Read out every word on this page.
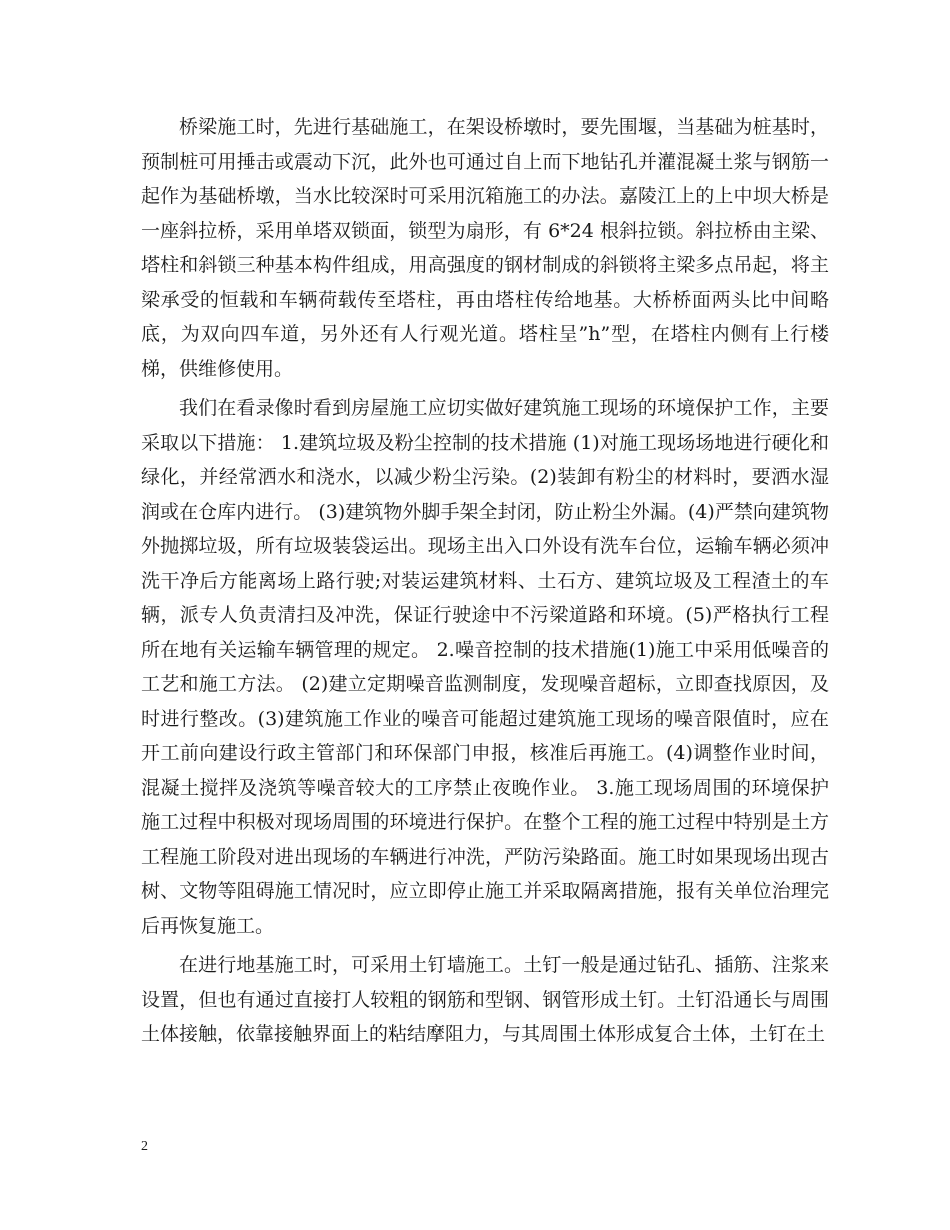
桥梁施工时，先进行基础施工，在架设桥墩时，要先围堰，当基础为桩基时，预制桩可用捶击或震动下沉，此外也可通过自上而下地钻孔并灌混凝土浆与钢筋一起作为基础桥墩，当水比较深时可采用沉箱施工的办法。嘉陵江上的上中坝大桥是一座斜拉桥，采用单塔双锁面，锁型为扇形，有 6*24 根斜拉锁。斜拉桥由主梁、塔柱和斜锁三种基本构件组成，用高强度的钢材制成的斜锁将主梁多点吊起，将主梁承受的恒载和车辆荷载传至塔柱，再由塔柱传给地基。大桥桥面两头比中间略底，为双向四车道，另外还有人行观光道。塔柱呈”h”型，在塔柱内侧有上行楼梯，供维修使用。

我们在看录像时看到房屋施工应切实做好建筑施工现场的环境保护工作，主要采取以下措施： 1.建筑垃圾及粉尘控制的技术措施 (1)对施工现场场地进行硬化和绿化，并经常洒水和浇水，以减少粉尘污染。(2)装卸有粉尘的材料时，要洒水湿润或在仓库内进行。 (3)建筑物外脚手架全封闭，防止粉尘外漏。(4)严禁向建筑物外抛掷垃圾，所有垃圾装袋运出。现场主出入口外设有洗车台位，运输车辆必须冲洗干净后方能离场上路行驶;对装运建筑材料、土石方、建筑垃圾及工程渣土的车辆，派专人负责清扫及冲洗，保证行驶途中不污梁道路和环境。(5)严格执行工程所在地有关运输车辆管理的规定。 2.噪音控制的技术措施(1)施工中采用低噪音的工艺和施工方法。 (2)建立定期噪音监测制度，发现噪音超标，立即查找原因，及时进行整改。(3)建筑施工作业的噪音可能超过建筑施工现场的噪音限值时，应在开工前向建设行政主管部门和环保部门申报，核准后再施工。(4)调整作业时间，混凝土搅拌及浇筑等噪音较大的工序禁止夜晚作业。 3.施工现场周围的环境保护施工过程中积极对现场周围的环境进行保护。在整个工程的施工过程中特别是土方工程施工阶段对进出现场的车辆进行冲洗，严防污染路面。施工时如果现场出现古树、文物等阻碍施工情况时，应立即停止施工并采取隔离措施，报有关单位治理完后再恢复施工。

在进行地基施工时，可采用土钉墙施工。土钉一般是通过钻孔、插筋、注浆来设置，但也有通过直接打人较粗的钢筋和型钢、钢管形成土钉。土钉沿通长与周围土体接触，依靠接触界面上的粘结摩阻力，与其周围土体形成复合土体，土钉在土

2
